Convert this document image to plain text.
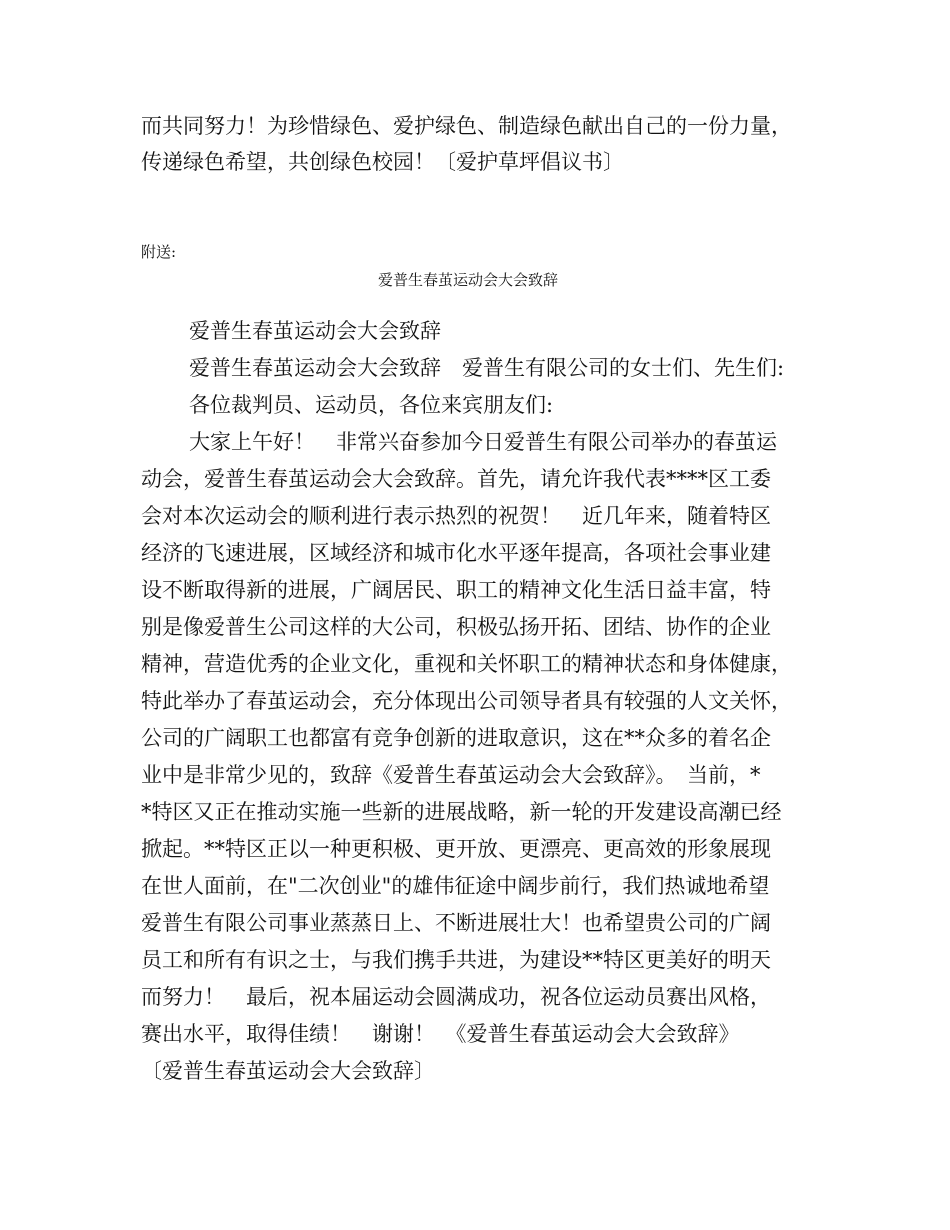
而共同努力！为珍惜绿色、爱护绿色、制造绿色献出自己的一份力量，
传递绿色希望，共创绿色校园！〔爱护草坪倡议书〕
附送:
爱普生春茧运动会大会致辞
爱普生春茧运动会大会致辞
爱普生春茧运动会大会致辞　爱普生有限公司的女士们、先生们:
各位裁判员、运动员，各位来宾朋友们:
大家上午好！　非常兴奋参加今日爱普生有限公司举办的春茧运
动会，爱普生春茧运动会大会致辞。首先，请允许我代表****区工委
会对本次运动会的顺利进行表示热烈的祝贺！　近几年来，随着特区
经济的飞速进展，区域经济和城市化水平逐年提高，各项社会事业建
设不断取得新的进展，广阔居民、职工的精神文化生活日益丰富，特
别是像爱普生公司这样的大公司，积极弘扬开拓、团结、协作的企业
精神，营造优秀的企业文化，重视和关怀职工的精神状态和身体健康，
特此举办了春茧运动会，充分体现出公司领导者具有较强的人文关怀，
公司的广阔职工也都富有竞争创新的进取意识，这在**众多的着名企
业中是非常少见的，致辞《爱普生春茧运动会大会致辞》。　当前，*
*特区又正在推动实施一些新的进展战略，新一轮的开发建设高潮已经
掀起。**特区正以一种更积极、更开放、更漂亮、更高效的形象展现
在世人面前，在"二次创业"的雄伟征途中阔步前行，我们热诚地希望
爱普生有限公司事业蒸蒸日上、不断进展壮大！也希望贵公司的广阔
员工和所有有识之士，与我们携手共进，为建设**特区更美好的明天
而努力！　最后，祝本届运动会圆满成功，祝各位运动员赛出风格，
赛出水平，取得佳绩！　谢谢！　《爱普生春茧运动会大会致辞》
〔爱普生春茧运动会大会致辞〕
